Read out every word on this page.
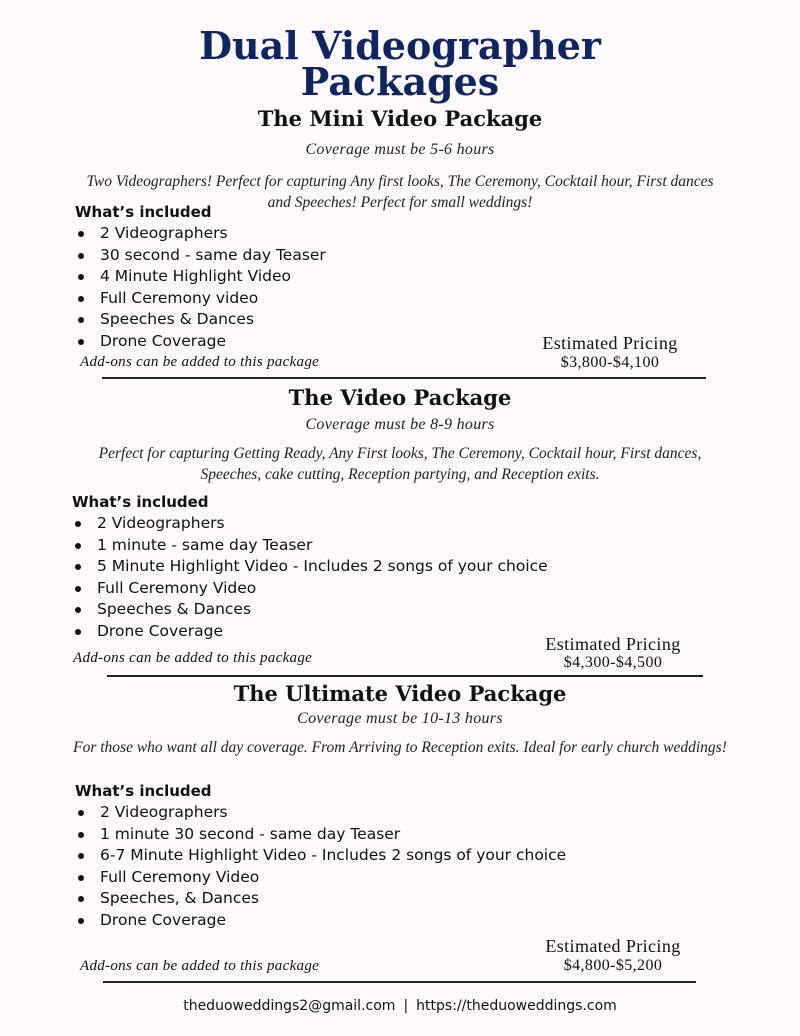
Dual Videographer
Packages
The Mini Video Package
Coverage must be 5-6 hours
Two Videographers! Perfect for capturing Any first looks, The Ceremony, Cocktail hour, First dances
and Speeches! Perfect for small weddings!
What’s included
2 Videographers
30 second - same day Teaser
4 Minute Highlight Video
Full Ceremony video
Speeches & Dances
Drone Coverage
Add-ons can be added to this package
Estimated Pricing
$3,800-$4,100
The Video Package
Coverage must be 8-9 hours
Perfect for capturing Getting Ready, Any First looks, The Ceremony, Cocktail hour, First dances,
Speeches, cake cutting, Reception partying, and Reception exits.
What’s included
2 Videographers
1 minute - same day Teaser
5 Minute Highlight Video - Includes 2 songs of your choice
Full Ceremony Video
Speeches & Dances
Drone Coverage
Add-ons can be added to this package
Estimated Pricing
$4,300-$4,500
The Ultimate Video Package
Coverage must be 10-13 hours
For those who want all day coverage. From Arriving to Reception exits. Ideal for early church weddings!
What’s included
2 Videographers
1 minute 30 second - same day Teaser
6-7 Minute Highlight Video - Includes 2 songs of your choice
Full Ceremony Video
Speeches, & Dances
Drone Coverage
Add-ons can be added to this package
Estimated Pricing
$4,800-$5,200
theduoweddings2@gmail.com | https://theduoweddings.com
